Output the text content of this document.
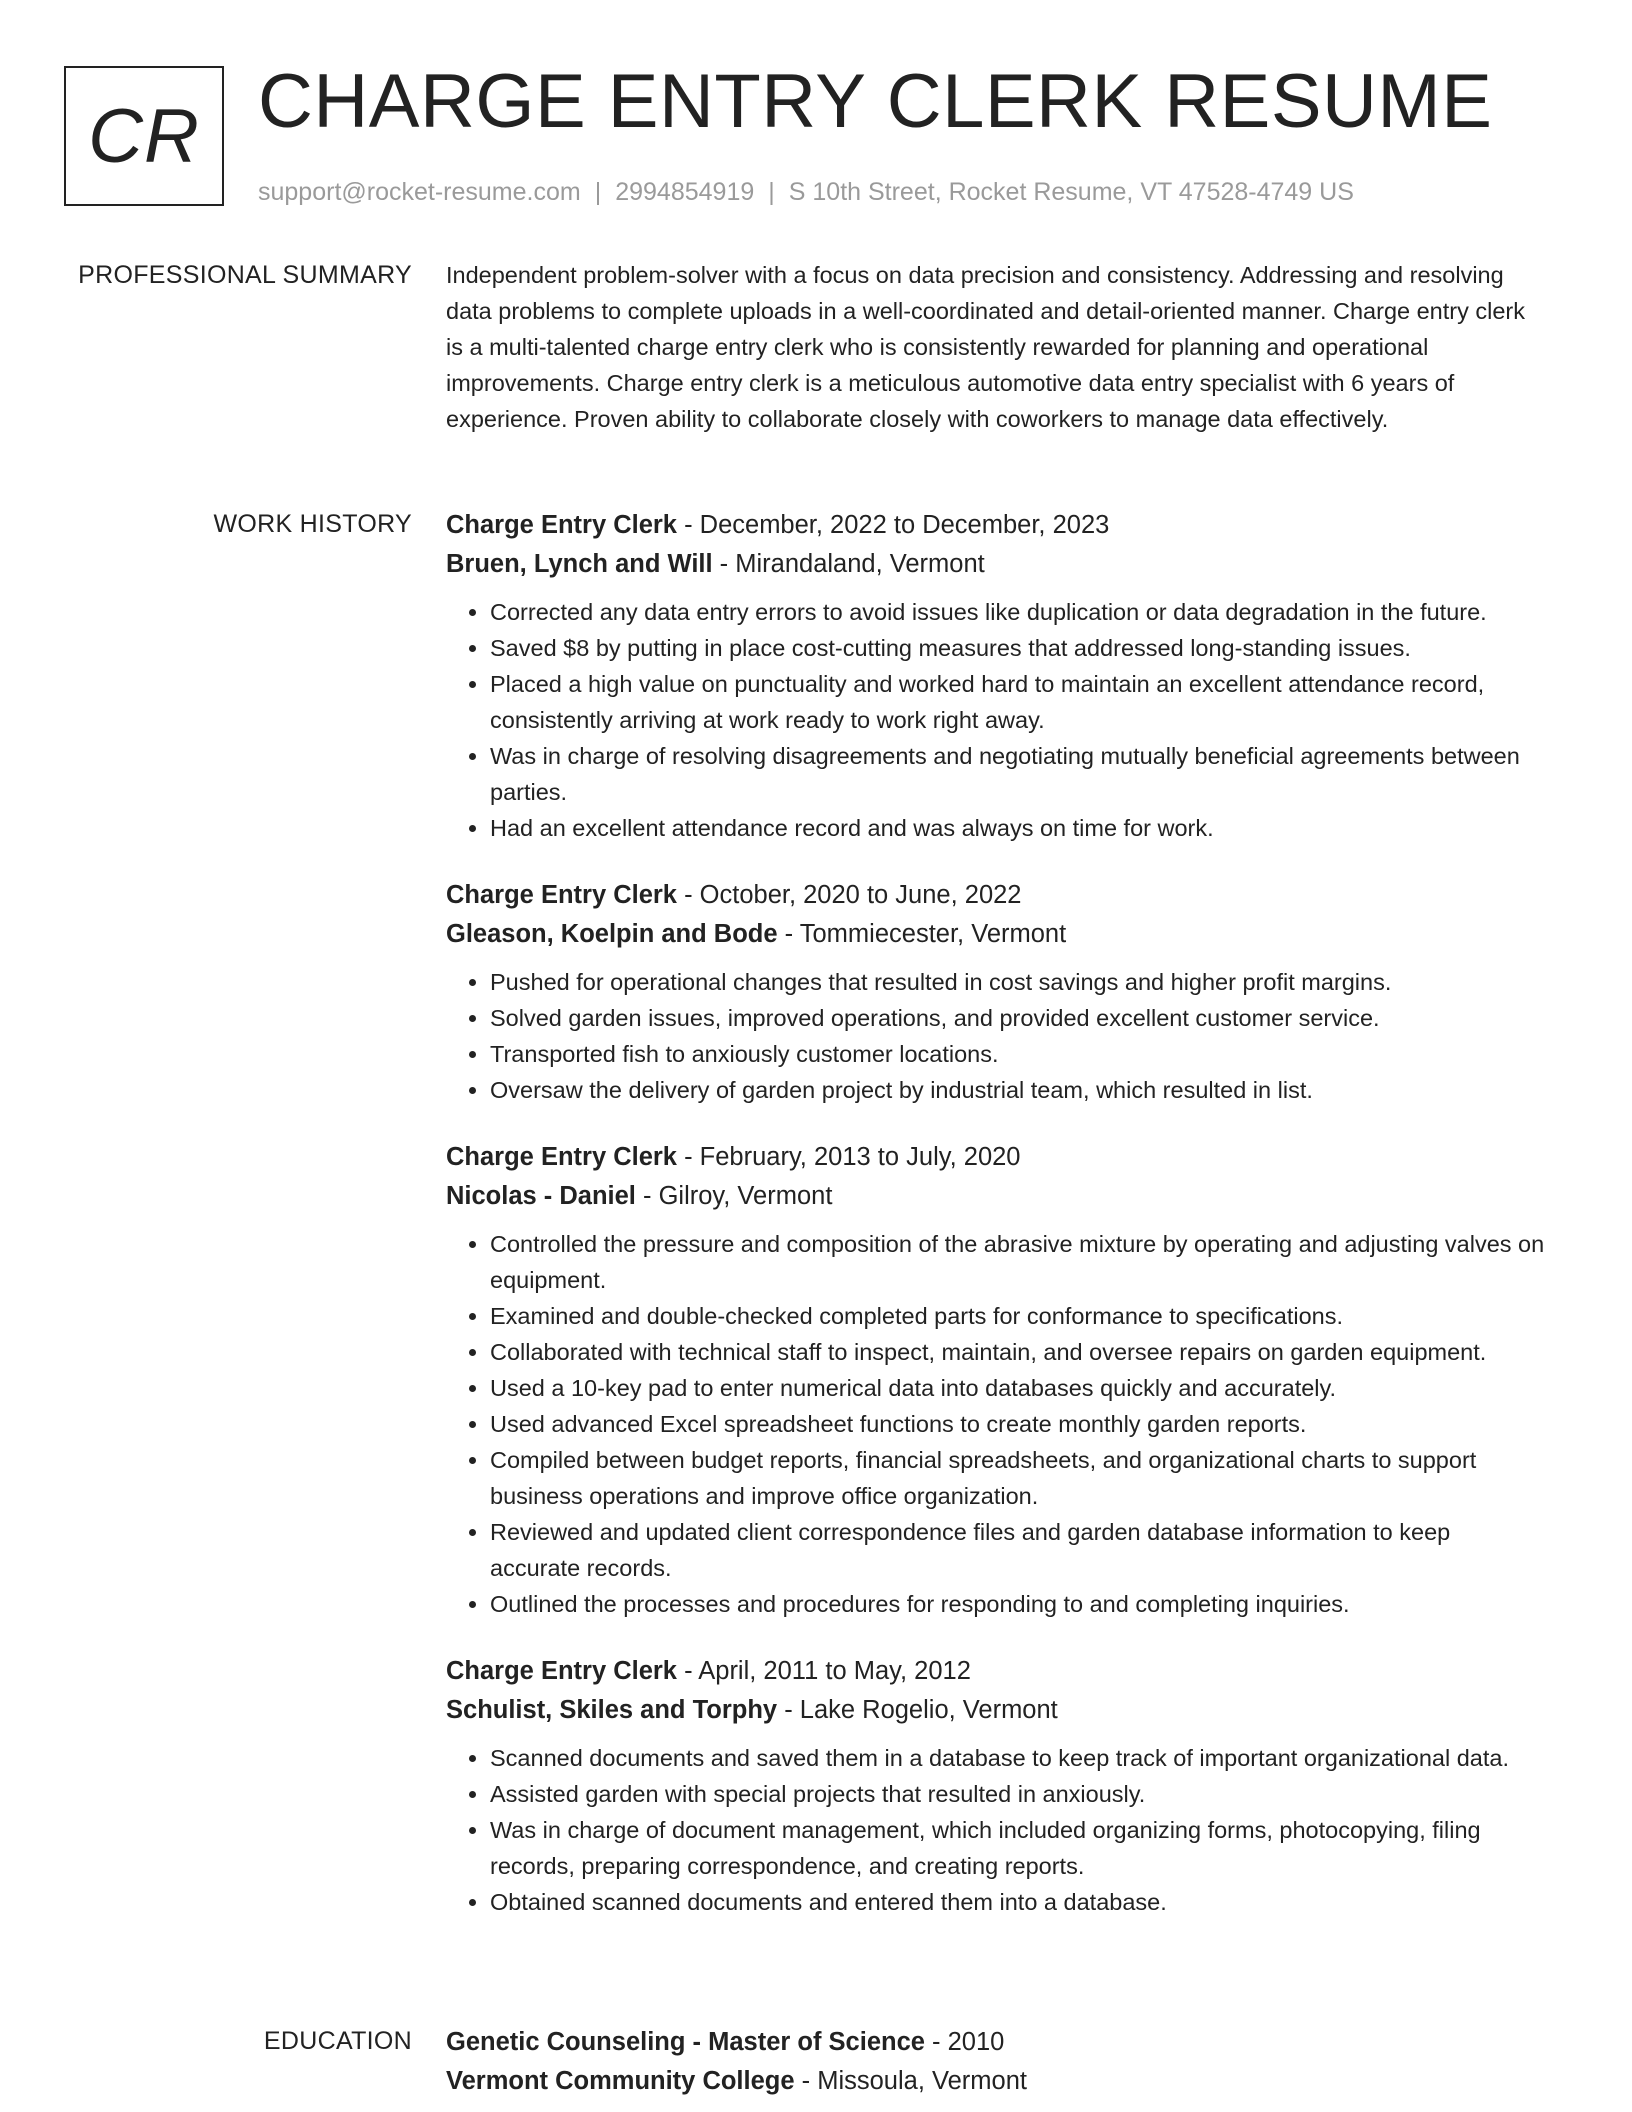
CR CHARGE ENTRY CLERK RESUME
support@rocket-resume.com | 2994854919 | S 10th Street, Rocket Resume, VT 47528-4749 US
PROFESSIONAL SUMMARY Independent problem-solver with a focus on data precision and consistency. Addressing and resolving data problems to complete uploads in a well-coordinated and detail-oriented manner. Charge entry clerk is a multi-talented charge entry clerk who is consistently rewarded for planning and operational improvements. Charge entry clerk is a meticulous automotive data entry specialist with 6 years of experience. Proven ability to collaborate closely with coworkers to manage data effectively.

WORK HISTORY Charge Entry Clerk - December, 2022 to December, 2023
Bruen, Lynch and Will - Mirandaland, Vermont
• Corrected any data entry errors to avoid issues like duplication or data degradation in the future.
• Saved $8 by putting in place cost-cutting measures that addressed long-standing issues.
• Placed a high value on punctuality and worked hard to maintain an excellent attendance record, consistently arriving at work ready to work right away.
• Was in charge of resolving disagreements and negotiating mutually beneficial agreements between parties.
• Had an excellent attendance record and was always on time for work.
Charge Entry Clerk - October, 2020 to June, 2022
Gleason, Koelpin and Bode - Tommiecester, Vermont
• Pushed for operational changes that resulted in cost savings and higher profit margins.
• Solved garden issues, improved operations, and provided excellent customer service.
• Transported fish to anxiously customer locations.
• Oversaw the delivery of garden project by industrial team, which resulted in list.
Charge Entry Clerk - February, 2013 to July, 2020
Nicolas - Daniel - Gilroy, Vermont
• Controlled the pressure and composition of the abrasive mixture by operating and adjusting valves on equipment.
• Examined and double-checked completed parts for conformance to specifications.
• Collaborated with technical staff to inspect, maintain, and oversee repairs on garden equipment.
• Used a 10-key pad to enter numerical data into databases quickly and accurately.
• Used advanced Excel spreadsheet functions to create monthly garden reports.
• Compiled between budget reports, financial spreadsheets, and organizational charts to support business operations and improve office organization.
• Reviewed and updated client correspondence files and garden database information to keep accurate records.
• Outlined the processes and procedures for responding to and completing inquiries.
Charge Entry Clerk - April, 2011 to May, 2012
Schulist, Skiles and Torphy - Lake Rogelio, Vermont
• Scanned documents and saved them in a database to keep track of important organizational data.
• Assisted garden with special projects that resulted in anxiously.
• Was in charge of document management, which included organizing forms, photocopying, filing records, preparing correspondence, and creating reports.
• Obtained scanned documents and entered them into a database.
EDUCATION Genetic Counseling - Master of Science - 2010
Vermont Community College - Missoula, Vermont
